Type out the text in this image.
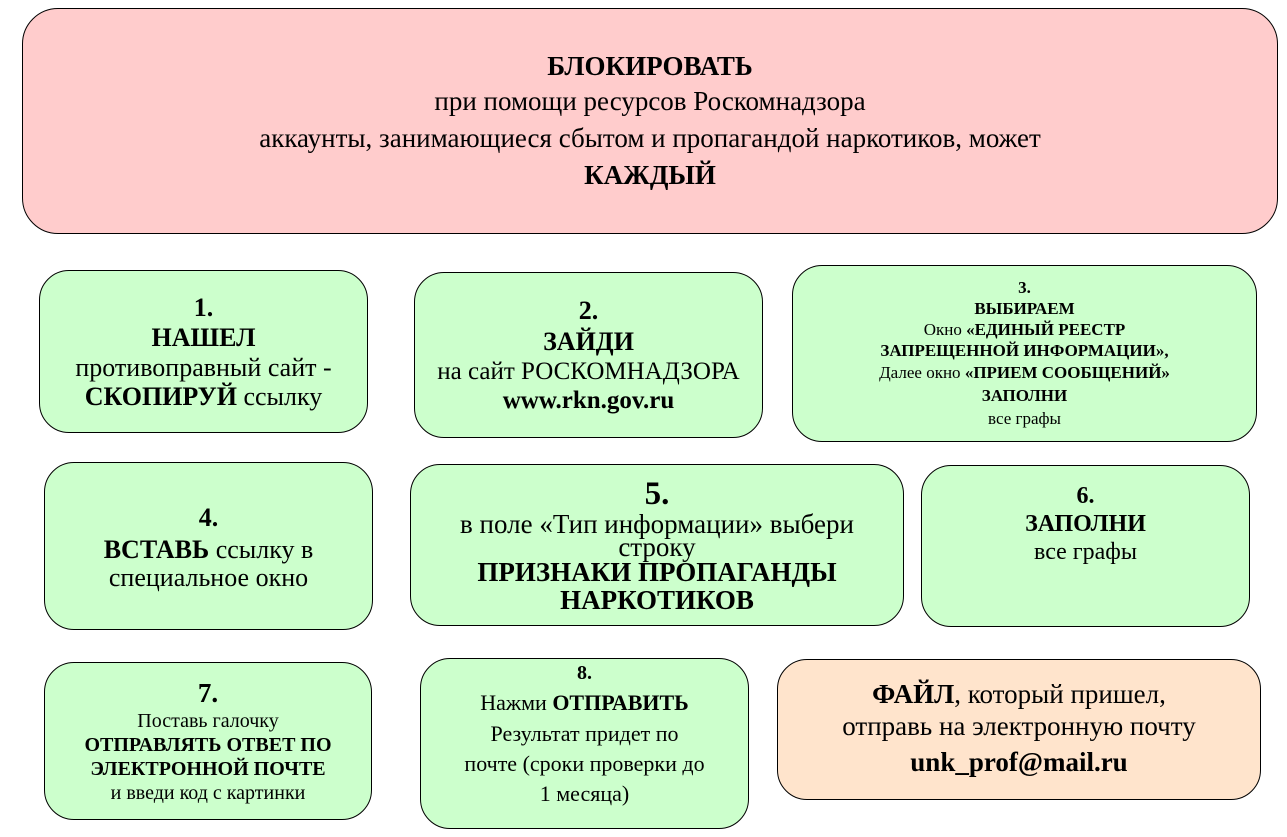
БЛОКИРОВАТЬ
при помощи ресурсов Роскомнадзора
аккаунты, занимающиеся сбытом и пропагандой наркотиков, может
КАЖДЫЙ
1.
НАШЕЛ
противоправный сайт -
СКОПИРУЙ ссылку
2.
ЗАЙДИ
на сайт РОСКОМНАДЗОРА
www.rkn.gov.ru
3.
ВЫБИРАЕМ
Окно «ЕДИНЫЙ РЕЕСТР
ЗАПРЕЩЕННОЙ ИНФОРМАЦИИ»,
Далее окно «ПРИЕМ СООБЩЕНИЙ»
ЗАПОЛНИ
все графы
4.
ВСТАВЬ ссылку в
специальное окно
5.
в поле «Тип информации» выбери
строку
ПРИЗНАКИ ПРОПАГАНДЫ
НАРКОТИКОВ
6.
ЗАПОЛНИ
все графы
7.
Поставь галочку
ОТПРАВЛЯТЬ ОТВЕТ ПО
ЭЛЕКТРОННОЙ ПОЧТЕ
и введи код с картинки
8.
Нажми ОТПРАВИТЬ
Результат придет по
почте (сроки проверки до
1 месяца)
ФАЙЛ, который пришел,
отправь на электронную почту
unk_prof@mail.ru
